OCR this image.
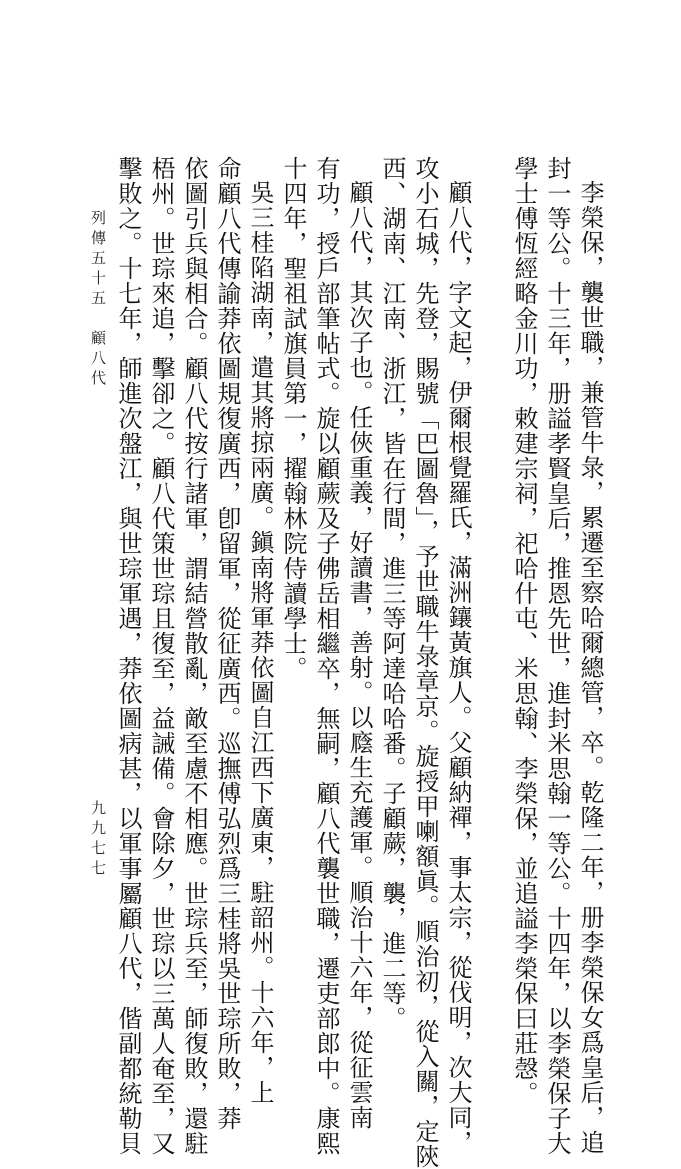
李榮保，襲世職，兼管牛彔，累遷至察哈爾總管，卒。乾隆二年，册李榮保女爲皇后，追
封一等公。十三年，册謚孝賢皇后，推恩先世，進封米思翰一等公。十四年，以李榮保子大
學士傅恆經略金川功，敕建宗祠，祀哈什屯、米思翰、李榮保，並追謚李榮保曰莊愨。
顧八代，字文起，伊爾根覺羅氏，滿洲鑲黃旗人。父顧納禪，事太宗，從伐明，次大同，
攻小石城，先登，賜號「巴圖魯」，予世職牛彔章京。旋授甲喇額眞。順治初，從入關，定陝
西、湖南、江南、浙江，皆在行間，進三等阿達哈哈番。子顧蕨，襲，進二等。
顧八代，其次子也。任俠重義，好讀書，善射。以廕生充護軍。順治十六年，從征雲南
有功，授戶部筆帖式。旋以顧蕨及子佛岳相繼卒，無嗣，顧八代襲世職，遷吏部郎中。康熙
十四年，聖祖試旗員第一，擢翰林院侍讀學士。
吳三桂陷湖南，遣其將掠兩廣。鎭南將軍莽依圖自江西下廣東，駐韶州。十六年，上
命顧八代傳諭莽依圖規復廣西，卽留軍，從征廣西。巡撫傅弘烈爲三桂將吳世琮所敗，莽
依圖引兵與相合。顧八代按行諸軍，謂結營散亂，敵至慮不相應。世琮兵至，師復敗，還駐
梧州。世琮來追，擊卻之。顧八代策世琮且復至，益誡備。會除夕，世琮以三萬人奄至，又
擊敗之。十七年，師進次盤江，與世琮軍遇，莽依圖病甚，以軍事屬顧八代，偕副都統勒貝
列傳五十五　顧八代
九九七七
